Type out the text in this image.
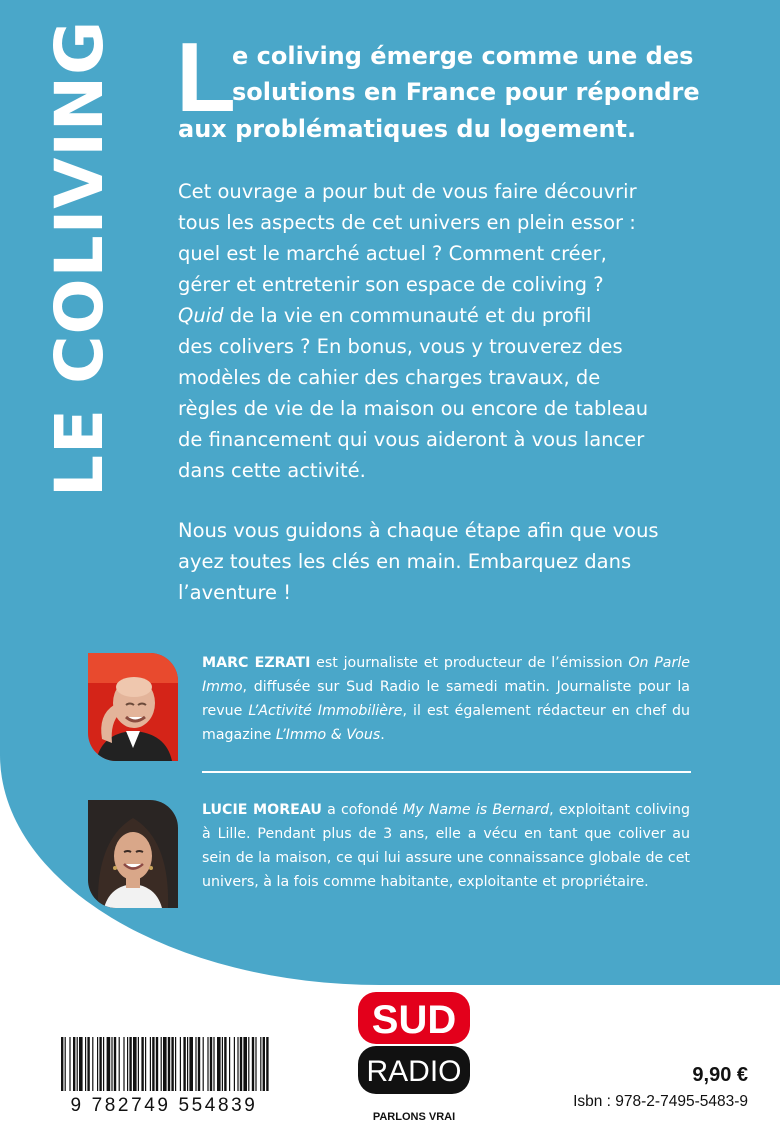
LE COLIVING L
e coliving émerge comme une des
solutions en France pour répondre
aux problématiques du logement.
Cet ouvrage a pour but de vous faire découvrir
tous les aspects de cet univers en plein essor :
quel est le marché actuel ? Comment créer,
gérer et entretenir son espace de coliving ?
Quid de la vie en communauté et du profil
des colivers ? En bonus, vous y trouverez des
modèles de cahier des charges travaux, de
règles de vie de la maison ou encore de tableau
de financement qui vous aideront à vous lancer
dans cette activité.
Nous vous guidons à chaque étape afin que vous
ayez toutes les clés en main. Embarquez dans
l’aventure !
MARC EZRATI est journaliste et producteur de l’émission On Parle Immo, diffusée sur Sud Radio le samedi matin. Journaliste pour la revue L’Activité Immobilière, il est également rédacteur en chef du magazine L’Immo & Vous.
LUCIE MOREAU a cofondé My Name is Bernard, exploitant coliving à Lille. Pendant plus de 3 ans, elle a vécu en tant que coliver au sein de la maison, ce qui lui assure une connaissance globale de cet univers, à la fois comme habitante, exploitante et propriétaire.
9 782749 554839
SUD
RADIO
PARLONS VRAI
9,90 €
Isbn : 978-2-7495-5483-9
